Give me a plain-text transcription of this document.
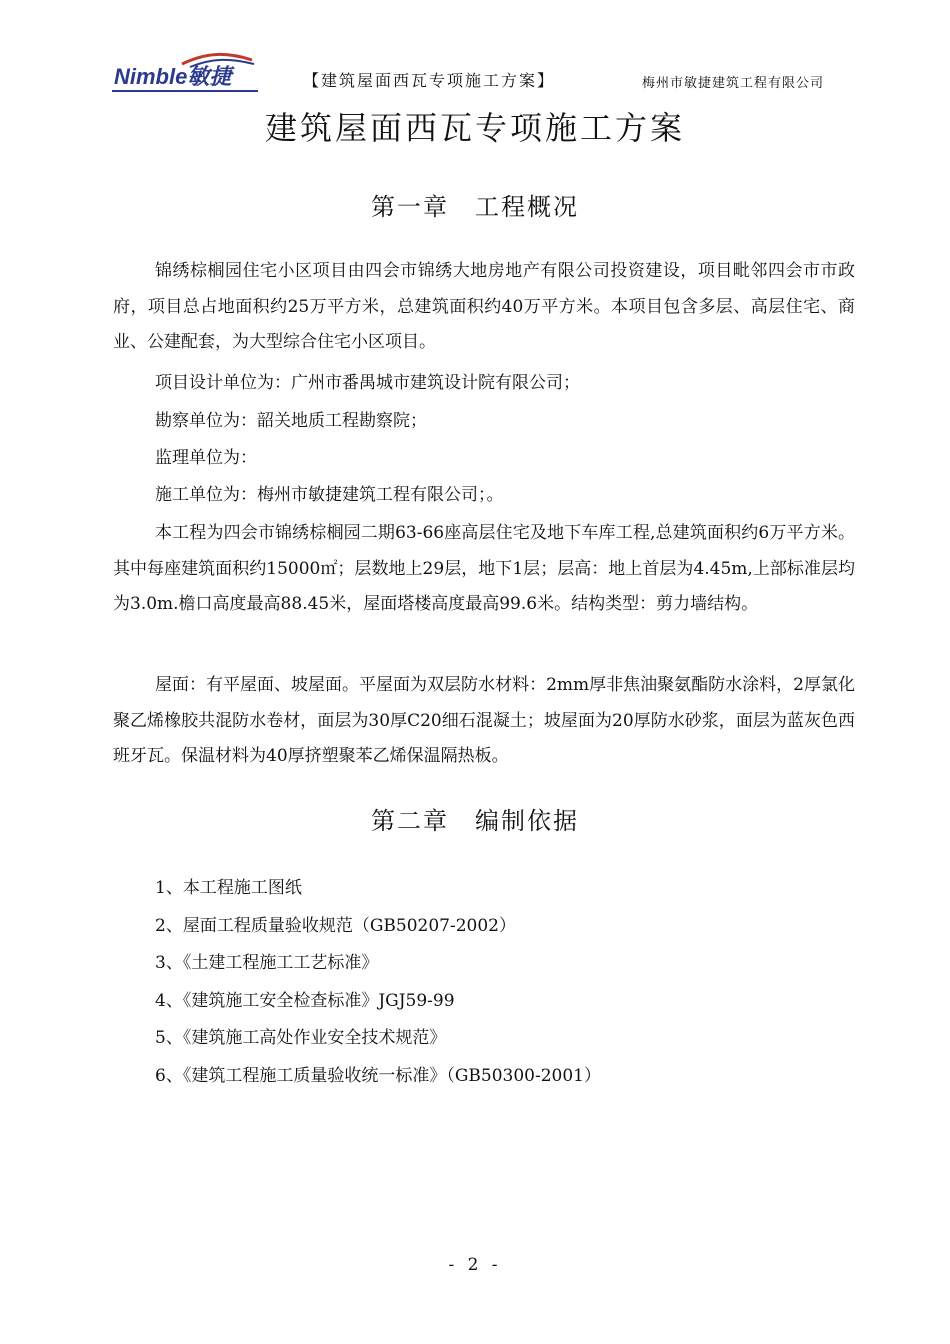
Nimble敏捷	【建筑屋面西瓦专项施工方案】	梅州市敏捷建筑工程有限公司
建筑屋面西瓦专项施工方案
第一章　工程概况

锦绣棕榈园住宅小区项目由四会市锦绣大地房地产有限公司投资建设，项目毗邻四会市市政府，项目总占地面积约25万平方米，总建筑面积约40万平方米。本项目包含多层、高层住宅、商业、公建配套，为大型综合住宅小区项目。

项目设计单位为：广州市番禺城市建筑设计院有限公司；

勘察单位为：韶关地质工程勘察院；

监理单位为：

施工单位为：梅州市敏捷建筑工程有限公司；。

本工程为四会市锦绣棕榈园二期63-66座高层住宅及地下车库工程,总建筑面积约6万平方米。其中每座建筑面积约15000㎡；层数地上29层，地下1层；层高：地上首层为4.45m,上部标准层均为3.0m.檐口高度最高88.45米，屋面塔楼高度最高99.6米。结构类型：剪力墙结构。

屋面：有平屋面、坡屋面。平屋面为双层防水材料：2mm厚非焦油聚氨酯防水涂料，2厚氯化聚乙烯橡胶共混防水卷材，面层为30厚C20细石混凝土；坡屋面为20厚防水砂浆，面层为蓝灰色西班牙瓦。保温材料为40厚挤塑聚苯乙烯保温隔热板。

第二章　编制依据
1、本工程施工图纸
2、屋面工程质量验收规范（GB50207-2002）
3、《土建工程施工工艺标准》
4、《建筑施工安全检查标准》JGJ59-99
5、《建筑施工高处作业安全技术规范》
6、《建筑工程施工质量验收统一标准》（GB50300-2001）
- 2 -
